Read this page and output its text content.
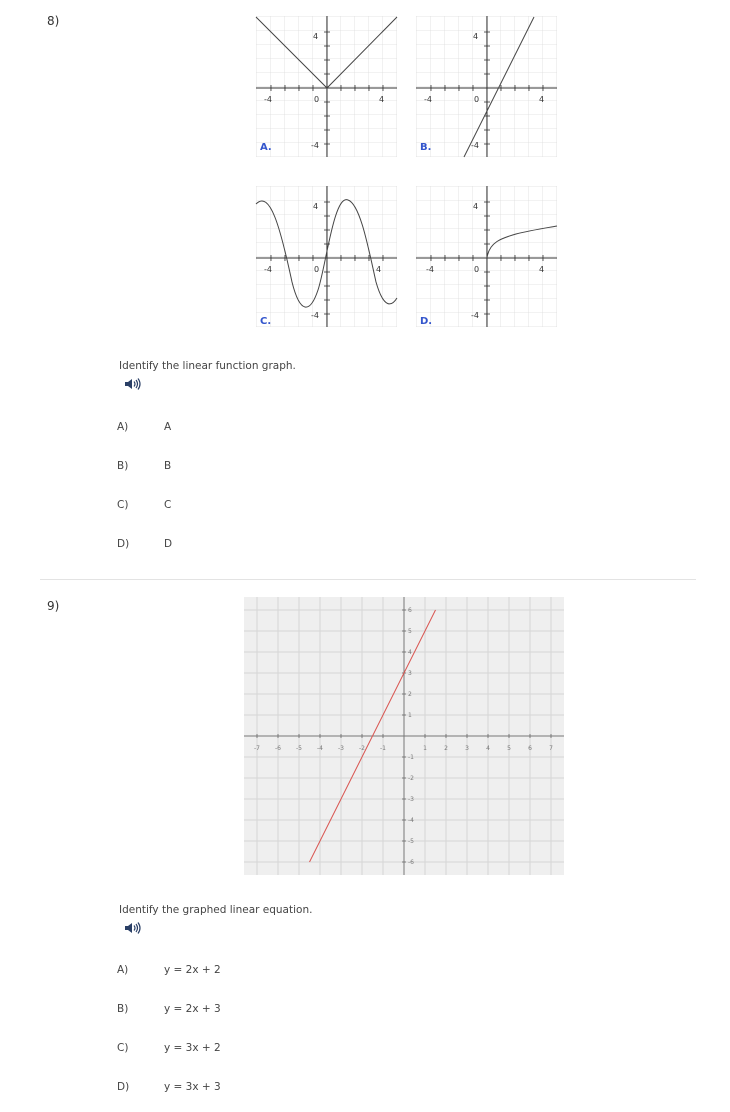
8)
-4	0	4
4
-4
A.
-4	0	4
4
-4
B.
-4	0	4
4
-4
C.
-4	0	4
4
-4
D.
Identify the linear function graph.
A)	A
B)	B
C)	C
D)	D
9)
-7	-6	-5	-4	-3	-2	-1	1	2	3	4	5	6	7
6
5
4
3
2
1
-1
-2
-3
-4
-5
-6
Identify the graphed linear equation.
A)	y = 2x + 2
B)	y = 2x + 3
C)	y = 3x + 2
D)	y = 3x + 3
